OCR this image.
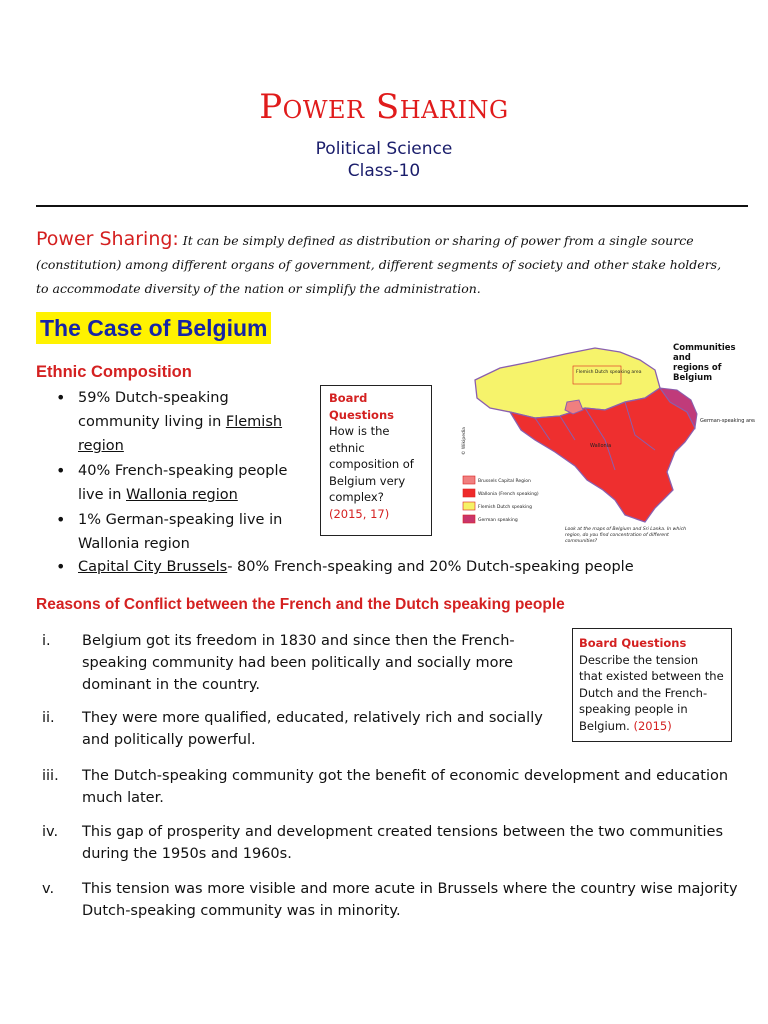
Power Sharing
Political Science
Class-10
Power Sharing: It can be simply defined as distribution or sharing of power from a single source (constitution) among different organs of government, different segments of society and other stake holders, to accommodate diversity of the nation or simplify the administration.
The Case of Belgium
Ethnic Composition
• 59% Dutch-speaking community living in Flemish region
• 40% French-speaking people live in Wallonia region
• 1% German-speaking live in Wallonia region
• Capital City Brussels- 80% French-speaking and 20% Dutch-speaking people
Board Questions
How is the ethnic composition of Belgium very complex?
(2015, 17)
Flemish Dutch speaking area
German-speaking area
Wallonia
© Wikipedia
Communities and regions of Belgium
Brussels Capital Region
Wallonia (French speaking)
Flemish Dutch speaking
German speaking
Look at the maps of Belgium and Sri Lanka. In which region, do you find concentration of different communities?
Reasons of Conflict between the French and the Dutch speaking people
i.	Belgium got its freedom in 1830 and since then the French-speaking community had been politically and socially more dominant in the country.
ii.	They were more qualified, educated, relatively rich and socially and politically powerful.
iii.	The Dutch-speaking community got the benefit of economic development and education much later.
iv.	This gap of prosperity and development created tensions between the two communities during the 1950s and 1960s.
v.	This tension was more visible and more acute in Brussels where the country wise majority Dutch-speaking community was in minority.
Board Questions
Describe the tension that existed between the Dutch and the French-speaking people in Belgium. (2015)
